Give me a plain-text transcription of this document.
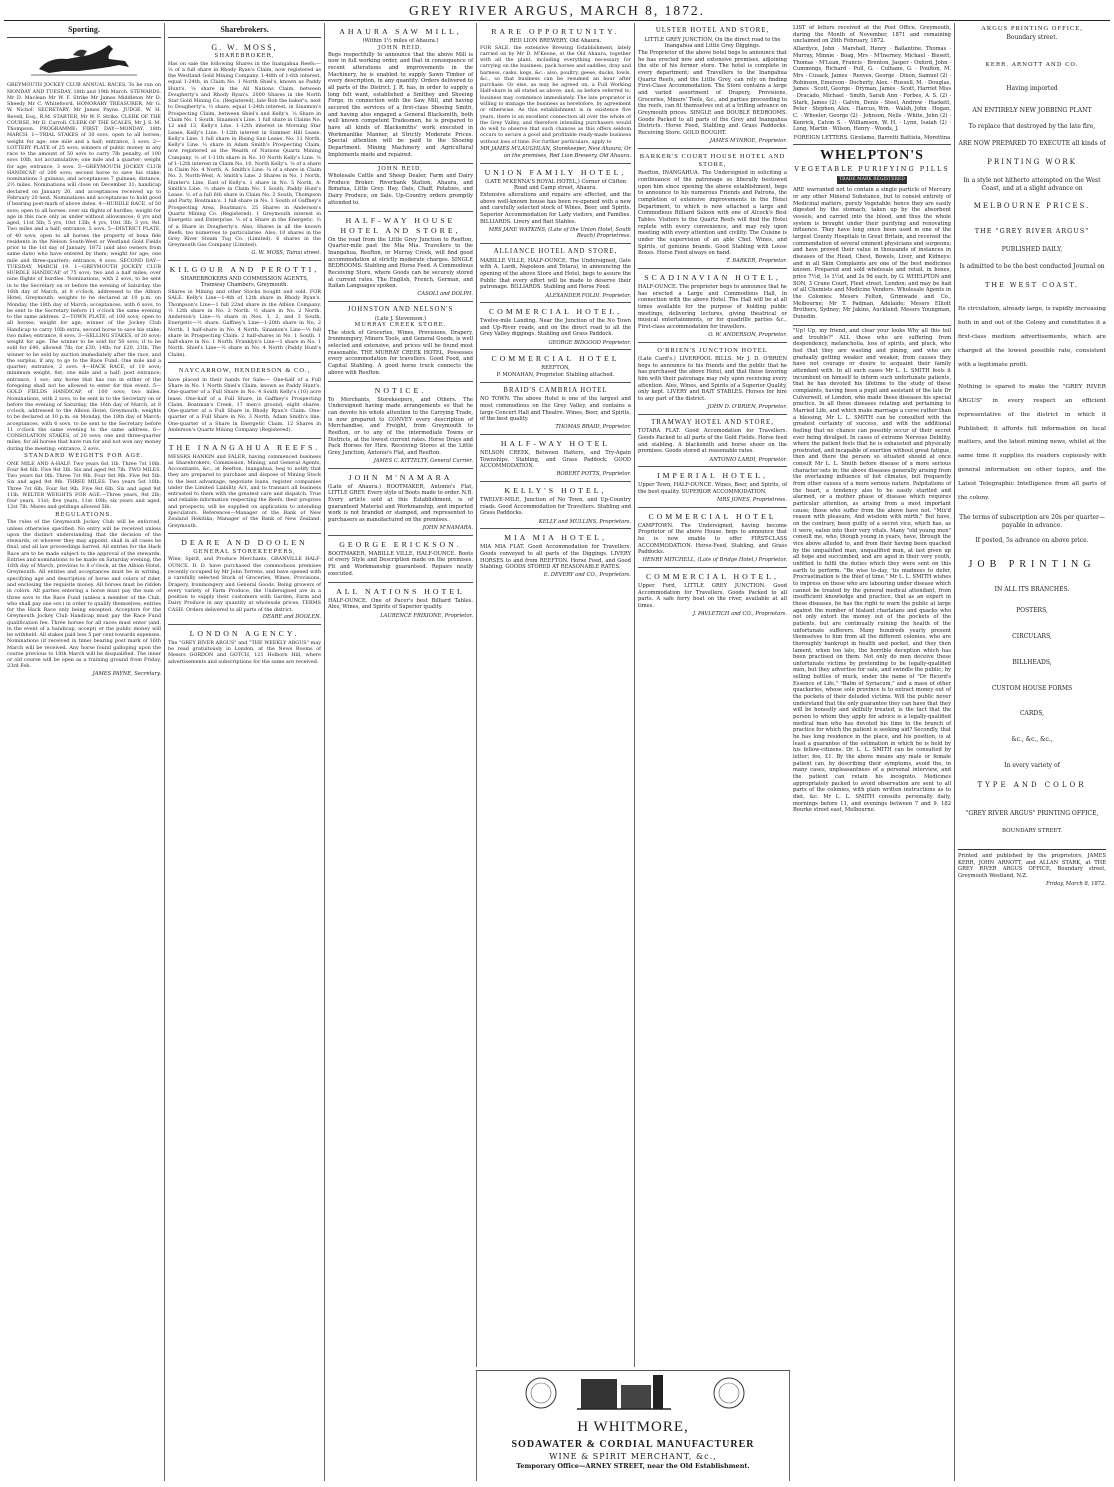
GREY RIVER ARGUS, MARCH 8, 1872.
Sporting.
GREYMOUTH JOCKEY CLUB ANNUAL RACES, To be run on MONDAY AND TUESDAY, 18th and 19th March. STEWARDS. Mr D. Maclean Mr W. F. Strike Mr James Middleton Mr D. Sheedy Mr C. Whitefoord. HONORARY TREASURER, Mr G. W. Nichol. SECRETARY, Mr James Payne. JUDGE, W. H. Revell, Esq., R.M. STARTER, Mr W. F. Strike. CLERK OF THE COURSE, Mr D. Carroll. CLERK OF THE SCALES, Mr J. S. M. Thompson. PROGRAMME: FIRST DAY—MONDAY, 18th MARCH. 1—TRIAL STAKES of 30 sovs, open to all horses; weight for age; one mile and a half; entrance, 3 sovs. 2—LOTTERY PLATE of 25 sovs, winners of public money in any race to the amount of 50 sovs to carry 7lb penalty, of 100 sovs 10lb, not accumulative; one mile and a quarter; weight for age; entrance, 3 sovs. 3—GREYMOUTH JOCKEY CLUB HANDICAP, of 200 sovs; second horse to save his stake; nominations 3 guineas, and acceptances 7 guineas; distance, 2½ miles. Nominations will close on December 31; handicap declared on January 20, and acceptances received up to February 20 next. Nominations and acceptances to hold good if bearing post-mark of above dates. 4—HURDLE RACE, of 50 sovs; open to all horses; over six flights of hurdles; weight for age in this race only as under without allowances; 6 yrs and aged, 11st 5lb; 5 yrs, 10st 13lb; 4 yrs, 10st 3lb; 3 yrs, 9st. Two miles and a half; entrance, 5 sovs. 5—DISTRICT PLATE, of 40 sovs; open to all horses the property of bona fide residents in the Nelson South-West or Westland Gold Fields prior to the 1st day of January, 1872 (and also owners from same date) who have entered by them; weight for age; one mile and three-quarters; entrance, 4 sovs. SECOND DAY—TUESDAY, MARCH 19. 1—GREYMOUTH JOCKEY CLUB HURDLE HANDICAP, of 75 sovs; two and a half miles; over nine flights of hurdles. Nominations, with 2 sovs, to be sent in to the Secretary on or before the evening of Saturday, the 16th day of March, at 8 o'clock, addressed to the Albion Hotel, Greymouth; weights to be declared at 10 p.m. on Monday, the 18th day of March; acceptances, with 6 sovs, to be sent to the Secretary before 11 o'clock the same evening to the same address. 2—TOWN PLATE, of 100 sovs; open to all horses; weight for age; winner of the Jockey Club Handicap to carry 10lb extra, second horse to save his stake; two miles; entrance, 8 sovs. 3—SELLING STAKES, of 20 sovs; weight for age. The winner to be sold for 50 sovs; if to be sold for £40, allowed 7lb; for £30, 14lb; for £20, 21lb. The winner to be sold by auction immediately after the race, and the surplus, if any, to go to the Race Fund. One mile and a quarter; entrance, 2 sovs. 4—HACK RACE, of 10 sovs; minimum weight, 8st; one mile and a half; post entrance; entrance, 1 sov; any horse that has run in either of the foregoing shall not be allowed to enter for this event. 5—GOLD FIELDS HANDICAP, of 100 sovs; two miles. Nominations, with 2 sovs, to be sent in to the Secretary on or before the evening of Saturday, the 16th day of March, at 8 o'clock, addressed to the Albion Hotel, Greymouth; weights to be declared at 10 p.m. on Monday, the 18th day of March; acceptances, with 6 sovs, to be sent to the Secretary before 11 o'clock the same evening to the same address. 6—CONSOLATION STAKES, of 20 sovs; one and three-quarter miles; for all horses that have run for and not won any money during the meeting; entrance, 2 sovs.
STANDARD WEIGHTS FOR AGE.
ONE MILE AND A-HALF. Two years 6st 1lb. Three 7st 10lb. Four 8st 6lb. Five 9st 3lb. Six and aged 9st 7lb. TWO MILES. Two years 6st 0lb. Three 7st 9lb. Four 8st 9lb. Five 9st 5lb. Six and aged 9st 9lb. THREE MILES. Two years 5st 10lb. Three 7st 6lb. Four 8st 9lb. Five 9st 6lb. Six and aged 9st 11lb. WELTER WEIGHTS FOR AGE.—Three years, 9st 2lb; four years, 11st; five years, 11st 10lb; six years and aged, 12st 7lb. Mares and geldings allowed 5lb.
REGULATIONS.
The rules of the Greymouth Jockey Club will be enforced, unless otherwise specified. No entry will be received unless upon the distinct understanding that the decision of the stewards, or whoever they may appoint, shall in all cases be final, and all law proceedings barred. All entries for the Hack Race are to be made subject to the approval of the stewards. Entries and nominations to be made on Saturday evening, the 16th day of March, previous to 8 o'clock, at the Albion Hotel, Greymouth. All entries and acceptances must be in writing, specifying age and description of horse and colors of rider, and enclosing the requisite money. All horses must be ridden in colors. All parties entering a horse must pay the sum of three sovs to the Race Fund (unless a member of the Club, who shall pay one sov.) in order to qualify themselves, entries for the Hack Race only being excepted. Acceptors for the Greymouth Jockey Club Handicap must pay the Race Fund qualification fee. Three horses for all races must enter (and, in the event of a handicap, accept) or the public money will be withheld. All stakes paid less 5 per cent towards expenses. Nominations (if received in time) bearing post mark of 16th March will be received. Any horse found galloping upon the course previous to 18th March will be disqualified. The inner or old course will be open as a training ground from Friday, 23rd Feb.
JAMES PAYNE, Secretary.
Sharebrokers.
G. W. MOSS,
SHAREBROKER,
Has on sale the following Shares in the Inangahua Reefs:— ⅛ of a full share in Rhody Ryan's Claim, now registered as the Westland Gold Mining Company. 1-48th of 1-6th interest, equal 1-24th, in Claim No. 1 North Shiel's, known as Paddy Hunt's. ⅛ share in the All Nations Claim, between Dougherty's and Rhody Ryan's. 2000 Shares in the North Star Gold Mining Co. (Registered), late Bob the baker's, next to Dougherty's. ⅓ share, equal 1-24th interest, in Sinamon's Prospecting Claim, between Shiel's and Kelly's. ⅛ Share in Claim No. 1 South, Sinamon's Line. 1 full share in Claims No. 12 and 13, Kelly's Line. 1-12th interest in Morning Star Lease, Kelly's Line. 1-12th interest in Summer Hill Lease, Kelly's Line. 1 full share in Rising Sun Lease, No. 11 North, Kelly's Line. ⅓ share in Adam Smith's Prospecting Claim, now registered as the Wealth of Nations Quartz Mining Company. ⅙ of 1-11th share in No. 10 North Kelly's Line. ⅙ of 1-12th interest in Claim No. 10, North Kelly's. ⅛ of a share in Claim No. 4 North, A. Smith's Line. ¼ of a share in Claim No. 3, North-West, A. Smith's Line. 2 Shares in No. 1 North, Hunter's Line, East of Kelly's. 1 share in No. 5 North, A. Smith's Line. ⅓ share in Claim No. 1 South, Paddy Hunt's Lease. ⅙ of a full 6th share in Claim No. 2 South, Thompson and Party, Boatman's. 1 full share in No. 1 South of Gaffney's Prospecting Area, Boatman's. 25 Shares in Anderson's Quartz Mining Co. (Registered). 1 Greymouth interest in Energetic and Enterprise. ⅓ of a Share in the Energetic. ⅓ of a Share in Dougherty's. Also, Shares in all the known Reefs, too numerous to particularise. Also, 10 shares in the Grey River Steam Tug Co. (Limited). 6 shares in the Greymouth Gas Company (Limited).
G. W. MOSS, Tainui street.
KILGOUR AND PEROTTI,
SHAREBROKERS AND COMMISSION AGENTS, Tramway Chambers, Greymouth.
Shares in Mining and other Stocks bought and sold. FOR SALE. Kelly's Line—1-4th of 12th share in Rhody Ryan's. Thompson's Line—1 full 22nd share in the Albion Company. ½ 12th share in No. 2 North. ½ share in No. 2 North. Anderson's Line—¼ share in Nos. 1, 2, and 3 South. Energetic—½ share. Gaffney's Line—1-20th share in No. 2 North. 1 half-share in No. 4 North. Sinamon's Line—½ full share in Prospecting Claim. 2 half-shares in No. 1 South. 1 half-share in No. 1 North. Franklyn's Line—1 share in No. 1 North. Shiel's Line—½ share in No. 4 North (Paddy Hunt's Claim).
NAYCARROW, HENDERSON & CO.,
have placed in their hands for Sale:— One-half of a Full Share in No. 1 North Shiel's Claim, known as Paddy Hunt's. One-quarter of a Full Share in No. 4 South Kelly's (10) acre lease. One-half of a Full Share, in Gaffney's Prospecting Claim, Boatman's Creek, 17 men's ground, eight shares. One-quarter of a Full Share in Rhody Ryan's Claim. One-quarter of a Full Share in No. 3 North, Adam Smith's line. One-quarter of a Share in Energetic Claim. 12 Shares in Anderson's Quartz Mining Company (Registered).
THE INANGAHUA REEFS.
MESSRS HANKIN and FALER, having commenced business as Sharebrokers, Commission, Mining, and General Agents, Accountants, &c., at Reefton, Inangahua, beg to notify that they are prepared to purchase and dispose of Mining Stock to the best advantage, negotiate loans, register companies under the Limited Liability Act, and to transact all business entrusted to them with the greatest care and dispatch. True and reliable information respecting the Reefs, their progress and prospects, will be supplied on application to intending speculators. References—Manager of the Bank of New Zealand Hokitika; Manager of the Bank of New Zealand, Greymouth.
DEARE AND DOOLEN
GENERAL STOREKEEPERS,
Wine, Spirit, and Produce Merchants, GRANVILLE HALF-OUNCE. D. D. have purchased the commodious premises recently occupied by Mr John Torrens, and have opened with a carefully selected Stock of Groceries, Wines, Provisions, Drapery, Ironmongery and General Goods. Being growers of every variety of Farm Produce, the Undersigned are in a position to supply their customers with Garden, Farm and Dairy Produce in any quantity at wholesale prices. TERMS CASH. Orders delivered to all parts of the district.
DEARE and DOOLEN.
LONDON AGENCY.
The "GREY RIVER ARGUS" and "THE WEEKLY ARGUS" may be read gratuitously in London, at the News Rooms of Messrs GORDON and GOTCH, 121 Holborn Hill, where advertisements and subscriptions for the same are received.
AHAURA SAW MILL,
(Within 1½ miles of Ahaura.)
JOHN REID,
Begs respectfully to announce that the above Mill is now in full working order, and that in consequence of recent alterations and improvements in the Machinery, he is enabled to supply Sawn Timber of every description, in any quantity. Orders delivered to all parts of the District. J. R. has, in order to supply a long felt want, established a Smithey and Shoeing Forge, in connection with the Saw Mill, and having secured the services of a first-class Shoeing Smith, and having also engaged a General Blacksmith, both well known competent Tradesmen, he is prepared to have all kinds of Blacksmiths' work executed in Workmanlike Manner, at Strictly Moderate Prices. Special attention will be paid to the Shoeing Department. Mining Machinery and Agricultural Implements made and repaired.
JOHN REID,
Wholesale Cattle and Sheep Dealer, Farm and Dairy Produce Broker. Riverbank Station, Ahaura, and Ikmatua, Little Grey. Hay, Oats, Chaff, Potatoes, and Dairy Produce, on Sale. Up-Country orders promptly attended to.
HALF-WAY HOUSE HOTEL AND STORE,
On the road from the Little Grey Junction to Reefton, Quarter-mile past the Mia Mia. Travellers to the Inangahua, Reefton, or Murray Creek, will find good accommodation at strictly moderate charges. SINGLE BEDROOMS. Stabling and Horse Feed. A Commodious Receiving Store, where Goods can be securely stored at current rates. The English, French, German, and Italian Languages spoken.
CASOLI and DOLPH.
JOHNSTON AND NELSON'S
(Late J. Stevenson.)
MURRAY CREEK STORE.
The stock of Groceries, Wines, Provisions, Drapery, Ironmongery, Miners Tools, and General Goods, is well selected and extensive, and prices will be found most reasonable. THE MURRAY CREEK HOTEL, Possesses every accommodation for travellers. Good Feed, and Capital Stabling. A good horse truck connects the above with Reefton.
NOTICE.
To Merchants, Storekeepers, and Others. The Undersigned having made arrangements so that he can devote his whole attention to the Carrying Trade, is now prepared to CONVEY every description of Merchandise, and Freight, from Greymouth to Reefton, or to any of the intermediate Towns or Districts, at the lowest current rates. Horse Drays and Pack Horses for Hire. Receiving Stores at the Little Grey Junction, Antonio's Flat, and Reefton.
JAMES C. KITTELTY, General Carrier.
JOHN M'NAMARA
(Late of Ahaura.) BOOTMAKER, Antonio's Flat, LITTLE GREY. Every style of Boots made to order. N.B. Every article sold at this Establishment, is of guaranteed Material and Workmanship, and imported work is not branded or stamped, and represented to purchasers as manufactured on the premises.
JOHN M'NAMARA.
GEORGE ERICKSON.
BOOTMAKER, MABILLE VILLE, HALF-OUNCE. Boots of every Style and Description made on the premises. Fit and Workmanship guaranteed. Repairs neatly executed.
ALL NATIONS HOTEL
HALF-OUNCE. One of Pacer's best Billiard Tables. Ales, Wines, and Spirits of Superior quality.
LAURENCE FRIXIONE, Proprietor.
RARE OPPORTUNITY.
RED LION BREWERY, Old Ahaura.
FOR SALE, the extensive Brewing Establishment, lately carried on by Mr D. M'Keone, at the Old Ahaura, together with all the plant, including everything necessary for carrying on the business, pack horses and saddles, dray and harness, casks, kegs, &c.; also, poultry, geese, ducks, fowls, &c., so that business can be resumed an hour after purchase. Or else, as may be agreed on, a Full Working Half-share in all stated as above; and, as before referred to, business may commence immediately. The late proprietor is willing to manage the business as heretofore, by agreement or otherwise. As this establishment is in existence five years, there is an excellent connection all over the whole of the Grey Valley, and therefore intending purchasers would do well to observe that such chances as this offers seldom occurs to secure a good and profitable ready-made business without loss of time. For further particulars, apply to
MR JAMES M'LAUGHLAN, Storekeeper, New Ahaura; Or on the premises, Red Lion Brewery, Old Ahaura.
UNION FAMILY HOTEL,
(LATE M'KENNA'S ROYAL HOTEL,) Corner of Clifton Road and Camp street, Ahaura.
Extensive alterations and repairs are effected, and the above well-known house has been re-opened with a new and carefully selected stock of Wines, Beer, and Spirits. Superior Accommodation for Lady visitors, and Families. BILLIARDS. Livery and Bait Stables.
MRS JANE WATKINS, (Late of the Union Hotel, South Beach) Proprietress.
ALLIANCE HOTEL AND STORE,
MABILLE VILLE, HALF-OUNCE. The Undersigned, (late with A. Lardi, Napoleon and Totara), in announcing the opening of the above Store and Hotel, begs to assure the Public that every effort will be made to deserve their patronage. BILLIARDS. Stabling and Horse Feed.
ALEXANDER FOLDI, Proprietor.
COMMERCIAL HOTEL,
Twelve-mile Landing. Near the Junction of the No Town and Up-River roads, and on the direct road to all the Grey Valley diggings. Stabling and Grass Paddock.
GEORGE BIDGOOD Proprietor.
COMMERCIAL HOTEL
REEFTON,
P. MONAHAN, Proprietor. Stabling attached.
BRAID'S CAMBRIA HOTEL
NO TOWN. The above Hotel is one of the largest and most commodious on the Grey Valley, and contains a large Concert Hall and Theatre. Wines, Beer, and Spirits, of the best quality.
THOMAS BRAID, Proprietor.
HALF-WAY HOTEL
NELSON CREEK, Between Hatters, and Try-Again Townships. Stabling, and Grass Paddock. GOOD ACCOMMODATION.
ROBERT POTTS, Proprietor.
KELLY'S HOTEL,
TWELVE-MILE, Junction of No Town, and Up-Country roads. Good Accommodation for Travellers. Stabling and Grass Paddocks.
KELLY and MULLINS, Proprietors.
MIA MIA HOTEL,
MIA MIA FLAT. Good Accommodation for Travellers. Goods conveyed to all parts of the Diggings. LIVERY HORSES to and from REEFTON. Horse Feed, and Good Stabling. GOODS STORED AT REASONABLE RATES.
E. DEVERY and CO., Proprietors.
ULSTER HOTEL AND STORE,
LITTLE GREY JUNCTION, On the direct road to the Inangahua and Little Grey Diggings.
The Proprietor of the above hotel begs to announce that he has erected new and extensive premises, adjoining the site of his former store. The hotel is complete in every department; and Travellers to the Inangahua Quartz Reefs, and the Little Grey, can rely on finding First-Class Accommodation. The Store contains a large and varied assortment of Drapery, Provisions, Groceries, Miners' Tools, &c., and parties proceeding to the reefs, can fit themselves out at a trifling advance on Greymouth prices. SINGLE and DOUBLE BEDROOMS. Goods Packed to all parts of the Grey and Inangahua Districts. Horse Feed, Stabling and Grass Paddocks. Receiving Store. GOLD BOUGHT.
JAMES M'INROE, Proprietor.
BARKER'S COURT HOUSE HOTEL AND STORE,
Reefton, INANGAHUA. The Undersigned in soliciting a continuance of the patronage so liberally bestowed upon him since opening the above establishment, begs to announce to his numerous Friends and Patrons, the completion of extensive improvements in the Hotel Department, to which is now attached a large and Commodious Billiard Saloon with one of Alcock's Best Tables. Visitors to the Quartz Reefs will find the Hotel replete with every convenience, and may rely upon meeting with every attention and civility. The Cuisine is under the supervision of an able Chef. Wines, and Spirits, of genuine brands. Good Stabling with Loose Boxes. Horse Feed always on hand.
T. BARKER, Proprietor.
SCADINAVIAN HOTEL,
HALF-OUNCE. The proprietor begs to announce that he has erected a Large and Commodious Hall, in connection with the above Hotel. The Hall will be at all times available for the purpose of holding public meetings, delivering lectures, giving theatrical or musical entertainments, or for quadrille parties &c., First-class accommodation for travellers.
O. W. ANDERSON, Proprietor.
O'BRIEN'S JUNCTION HOTEL
(Late Card's.) LIVERPOOL BILLS. Mr J. D. O'BRIEN begs to announce to his friends and the public that he has purchased the above Hotel, and that those favoring him with their patronage may rely upon receiving every attention. Ales, Wines, and Spirits of a Superior Quality, only kept. LIVERY and BAIT STABLES. Horses for hire to any part of the district.
JOHN D. O'BRIEN, Proprietor.
TRAMWAY HOTEL AND STORE,
TOTARA FLAT. Good Accomodation for Travellers. Goods Packed to all parts of the Gold Fields. Horse feed and stabling. A blacksmith and horse shoer on the premises. Goods stored at reasonable rates.
ANTONIO LARDI, Proprietor.
IMPERIAL HOTEL,
Upper Town, HALF-OUNCE. Wines, Beer, and Spirits, of the best quality. SUPERIOR ACCOMMODATION.
MRS JONES, Proprietress.
COMMERCIAL HOTEL
CAMPTOWN. The Undersigned, having become Proprietor of the above House, begs to announce that he is now enable to offer FIRST-CLASS ACCOMMODATION. Horse-Feed, Stabling, and Grass Paddocks.
HENRY MITCHELL, (Late of Bridge Hotel,) Proprietor.
COMMERCIAL HOTEL,
Upper Ford, LITTLE GREY JUNCTION. Good Accommodation for Travellers. Goods Packed to all parts. A safe ferry boat on the river, available at all times.
J. PAVLETICH and CO., Proprietors.
H WHITMORE,
SODAWATER & CORDIAL MANUFACTURER
WINE & SPIRIT MERCHANT, &c.,
Temporary Office—ARNEY STREET, near the Old Establishment.
LIST of letters received at the Post Office, Greymouth, during the Month of November, 1871 and remaining unclaimed on 29th February, 1872.
Allardyce, John · Marshall, Henry · Ballantine, Thomas · Murray, Minnie · Boag, Mrs · M'Inerney, Michael · Bissett, Thomas · M'Lean, Francis · Brenton, Jasper · Oxford, John · Cummings, Richard · Pull, G. · Culhane, G. · Poulton, M. Mrs · Cusack, James · Reeves, George · Dixon, Samuel (2) · Robinson, Emerson · Docherty, Alex. · Russell, M. · Douglas, James · Scott, George · Dryman, James · Scott, Harriet Miss · Dracado, Michael · Smith, Sarah Ann · Forbes, A. S. (2) · Stark, James (2) · Galvin, Denis · Steel, Andrew · Hackett, Peter · Stephen, Alex. · Harcus, Wm. · Walsh, John · Hogan, C. · Wheeler, George (2) · Johnson, Neils · White, John (2) · Kenrick, Calvin S. · Williamson, W. H. · Lynn, Isaiah (2) · Long, Martin · Wilson, Henry · Woods, J.
FOREIGN LETTERS. Girolamo, Barretti Battista, Morettina
WHELPTON'S
VEGETABLE PURIFYING PILLS
TRADE MARK REGISTERED
ARE warranted not to contain a single particle of Mercury or any other Mineral Substance, but to consist entirely of Medicinal matters, purely Vegetable; hence they are easily digested by the stomach, taken up by the absorbent vessels, and carried into the blood, and thus the whole system is brought under their purifying and renovating influence. They have long since been used in one of the largest County Hospitals in Great Britain, and received the commendation of several eminent physicians and surgeons; and have proved their value in thousands of instances in diseases of the Head, Chest, Bowels, Liver, and Kidneys; and in all Skin Complaints are one of the best medicines known. Prepared and sold wholesale and retail, in boxes, price 7½d, 1s 1½d, and 2s 9d each, by G. WHELPTON and SON, 3 Crane Court, Fleet street, London; and may be had of all Chemists and Medicine Vendors. Wholesale Agents in the Colonies: Messrs Felton, Grimwade and Co., Melbourne; Mr T. Padman, Adelaide; Messrs Elliott Brothers, Sydney; Mr Jakins, Auckland; Messrs Youngman, Dunedin.
"Up! Up, my friend, and clear your looks Why all this toil and trouble?" ALL those who are suffering from despondency, melancholia, loss of spirits, and pluck, who feel that they are wasting and pining, and who are gradually getting weaker and weaker, from causes they have not courage or desire to acquaint their family attendant with. In all such cases Mr L. L. SMITH feels it incumbent on himself to inform such unfortunate patients, that he has devoted his lifetime to the study of these complaints, having been a pupil and assistant of the late Dr Culverwell, of London, who made these diseases his special practice. In all those diseases relating and pertaining to Married Life, and which make marriage a curse rather than a blessing, Mr L. L. SMITH can be consulted with the greatest certainty of success, and with the additional feeling that no chance can possibly occur of their secret ever being divulged. In cases of extreme Nervous Debility, where the patient feels that he is exhausted and physically prostrated, and incapable of exertion without great fatigue, then and there the person so situated should at once consult Mr L. L. Smith before disease of a more serious character sets in; the above diseases generally arising from the overtaxing influence of hot climates, but frequently from other causes of a more serious nature. Palpitations of the heart, a tendency also to be easily startled and alarmed, or a mother phase of disease which requires particular attention, as arising from a most important cause; those who suffer from the above have not. "Mix'd reason with pleasure, And wisdom with mirth." But have, on the contrary, been guilty of a secret vice, which has, as it were, eaten into their very vitals. Many "old young men" consult me, who, though young in years, have, through the vice above alluded to, and from their having been quacked by the unqualified man, unqualified man, at last given up all hope and succumbed, and are aged in their very youth, unfitted to fulfil the duties which they were sent on this earth to perform. "Be wise to-day, 'tis madness to defer, Procrastination is the thief of time." Mr L. L. SMITH wishes to impress on those who are labouring under disease which cannot be treated by the general medical attendant, from insufficient knowledge and practice, that as an expert in these diseases, he has the right to warn the public at large against the number of blatant charlatans and quacks who not only extort the money out of the pockets of the patients, but are continually ruining the health of the unfortunate sufferers. Many hundreds yearly present themselves to him from all the different colonies, who are thoroughly bankrupt in health and pocket, and they then lament, when too late, the horrible deception which has been practised on them. Not only do men deceive these unfortunate victims by pretending to be legally-qualified men, but they advertise for sale, and swindle the public, by selling bottles of muck, under the name of "Dr Ricord's Essence of Life," "Balm of Syriacum," and a mass of other quackeries, whose sole province is to extract money out of the pockets of their deluded victims. Will the public never understand that the only guarantee they can have that they will be honestly and skilfully treated, is the fact that the person to whom they apply for advice is a legally-qualified medical man who has devoted his time to the branch of practice for which the patient is seeking aid? Secondly, that he has long residence in the place, and his position, is at least a guarantee of the estimation in which he is held by his fellow-citizens. Dr. L. L. SMITH can be consulted by letter; fee, £1. By the above means any male or female patient can, by describing their symptoms, avoid the, in many cases, unpleasantness of a personal interview, and the patient can retain his incognito. Medicines appropriately packed to avoid observation are sent to all parts of the colonies, with plain written instructions as to diet, &c. Mr L. L. SMITH consults personally daily, mornings before 11, and evenings between 7 and 9. 182 Bourke street east, Melbourne.
ARGUS PRINTING OFFICE,
Boundary street.
KERR, ARNOTT AND CO.
Having imported
AN ENTIRELY NEW JOBBING PLANT
To replace that destroyed by the late fire,
ARE NOW PREPARED TO EXECUTE all kinds of
PRINTING WORK
In a style not hitherto attempted on the West Coast, and at a slight advance on
MELBOURNE PRICES.
THE "GREY RIVER ARGUS"
PUBLISHED DAILY,
Is admitted to be the best conducted Journal on
THE WEST COAST.
Its circulation, already large, is rapidly increasing both in and out of the Colony and constitutes it a first-class medium advertisements, which are charged at the lowest possible rate, consistent with a legitimate profit.
Nothing is spared to make the "GREY RIVER ARGUS" in every respect an efficient representative of the district in which it Published; it affords full information on local matters, and the latest mining news, whilst at the same time it supplies its readers copiously with general information on other topics, and the Latest Telegraphic Intelligence from all parts of the colony.
The terms of subscription are 20s per quarter—payable in advance.
If posted, 5s advance on above price.
JOB PRINTING
IN ALL ITS BRANCHES.
POSTERS,
CIRCULARS,
BILLHEADS,
CUSTOM HOUSE FORMS
CARDS,
&c., &c., &c.,
In every variety of
TYPE AND COLOR
"GREY RIVER ARGUS" PRINTING OFFICE,
BOUNDARY STREET.
Printed and published by the proprietors, JAMES KERR, JOHN ARNOTT, and ALLAN STARK, at THE GREY RIVER ARGUS OFFICE, Boundary street, Greymouth Westland, N.Z.
Friday, March 8, 1872.
